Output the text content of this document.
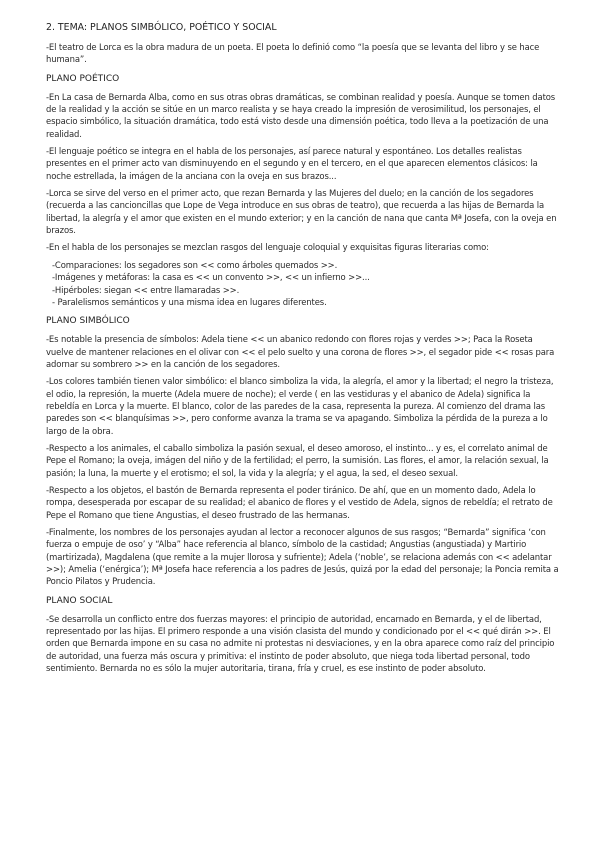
2. TEMA: PLANOS SIMBÓLICO, POÉTICO Y SOCIAL

-El teatro de Lorca es la obra madura de un poeta. El poeta lo definió como “la poesía que se levanta del libro y se hace humana”.

PLANO POÉTICO

-En La casa de Bernarda Alba, como en sus otras obras dramáticas, se combinan realidad y poesía. Aunque se tomen datos de la realidad y la acción se sitúe en un marco realista y se haya creado la impresión de verosimilitud, los personajes, el espacio simbólico, la situación dramática, todo está visto desde una dimensión poética, todo lleva a la poetización de una realidad.

-El lenguaje poético se integra en el habla de los personajes, así parece natural y espontáneo. Los detalles realistas presentes en el primer acto van disminuyendo en el segundo y en el tercero, en el que aparecen elementos clásicos: la noche estrellada, la imágen de la anciana con la oveja en sus brazos...

-Lorca se sirve del verso en el primer acto, que rezan Bernarda y las Mujeres del duelo; en la canción de los segadores (recuerda a las cancioncillas que Lope de Vega introduce en sus obras de teatro), que recuerda a las hijas de Bernarda la libertad, la alegría y el amor que existen en el mundo exterior; y en la canción de nana que canta Mª Josefa, con la oveja en brazos.

-En el habla de los personajes se mezclan rasgos del lenguaje coloquial y exquisitas figuras literarias como:

-Comparaciones: los segadores son << como árboles quemados >>.
-Imágenes y metáforas: la casa es << un convento >>, << un infierno >>...
-Hipérboles: siegan << entre llamaradas >>.
- Paralelismos semánticos y una misma idea en lugares diferentes.
PLANO SIMBÓLICO

-Es notable la presencia de símbolos: Adela tiene << un abanico redondo con flores rojas y verdes >>; Paca la Roseta vuelve de mantener relaciones en el olivar con << el pelo suelto y una corona de flores >>, el segador pide << rosas para adornar su sombrero >> en la canción de los segadores.

-Los colores también tienen valor simbólico: el blanco simboliza la vida, la alegría, el amor y la libertad; el negro la tristeza, el odio, la represión, la muerte (Adela muere de noche); el verde ( en las vestiduras y el abanico de Adela) significa la rebeldía en Lorca y la muerte. El blanco, color de las paredes de la casa, representa la pureza. Al comienzo del drama las paredes son << blanquísimas >>, pero conforme avanza la trama se va apagando. Simboliza la pérdida de la pureza a lo largo de la obra.

-Respecto a los animales, el caballo simboliza la pasión sexual, el deseo amoroso, el instinto... y es, el correlato animal de Pepe el Romano; la oveja, imágen del niño y de la fertilidad; el perro, la sumisión. Las flores, el amor, la relación sexual, la pasión; la luna, la muerte y el erotismo; el sol, la vida y la alegría; y el agua, la sed, el deseo sexual.

-Respecto a los objetos, el bastón de Bernarda representa el poder tiránico. De ahí, que en un momento dado, Adela lo rompa, desesperada por escapar de su realidad; el abanico de flores y el vestido de Adela, signos de rebeldía; el retrato de Pepe el Romano que tiene Angustias, el deseo frustrado de las hermanas.

-Finalmente, los nombres de los personajes ayudan al lector a reconocer algunos de sus rasgos; “Bernarda” significa ‘con fuerza o empuje de oso’ y “Alba” hace referencia al blanco, símbolo de la castidad; Angustias (angustiada) y Martirio (martirizada), Magdalena (que remite a la mujer llorosa y sufriente); Adela (‘noble’, se relaciona además con << adelantar >>); Amelia (‘enérgica’); Mª Josefa hace referencia a los padres de Jesús, quizá por la edad del personaje; la Poncia remita a Poncio Pilatos y Prudencia.

PLANO SOCIAL

-Se desarrolla un conflicto entre dos fuerzas mayores: el principio de autoridad, encarnado en Bernarda, y el de libertad, representado por las hijas. El primero responde a una visión clasista del mundo y condicionado por el << qué dirán >>. El orden que Bernarda impone en su casa no admite ni protestas ni desviaciones, y en la obra aparece como raíz del principio de autoridad, una fuerza más oscura y primitiva: el instinto de poder absoluto, que niega toda libertad personal, todo sentimiento. Bernarda no es sólo la mujer autoritaria, tirana, fría y cruel, es ese instinto de poder absoluto.
